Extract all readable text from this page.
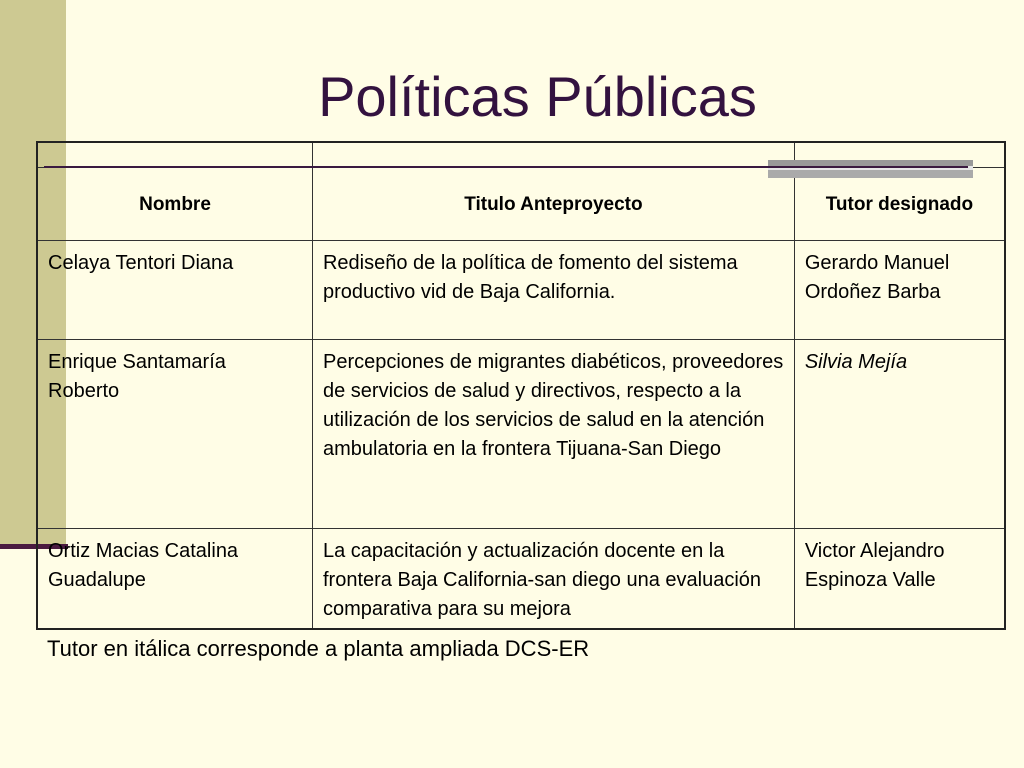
Políticas Públicas

Nombre	Titulo Anteproyecto	Tutor designado
Celaya Tentori Diana	Rediseño de la política de fomento del sistema productivo vid de Baja California.	Gerardo Manuel Ordoñez Barba
Enrique Santamaría Roberto	Percepciones de migrantes diabéticos, proveedores de servicios de salud y directivos, respecto a la utilización de los servicios de salud en la atención ambulatoria en la frontera Tijuana-San Diego	Silvia Mejía
Ortiz Macias Catalina Guadalupe	La capacitación y actualización docente en la frontera Baja California-san diego una evaluación comparativa para su mejora	Victor Alejandro Espinoza Valle
Tutor en itálica corresponde a planta ampliada DCS-ER
